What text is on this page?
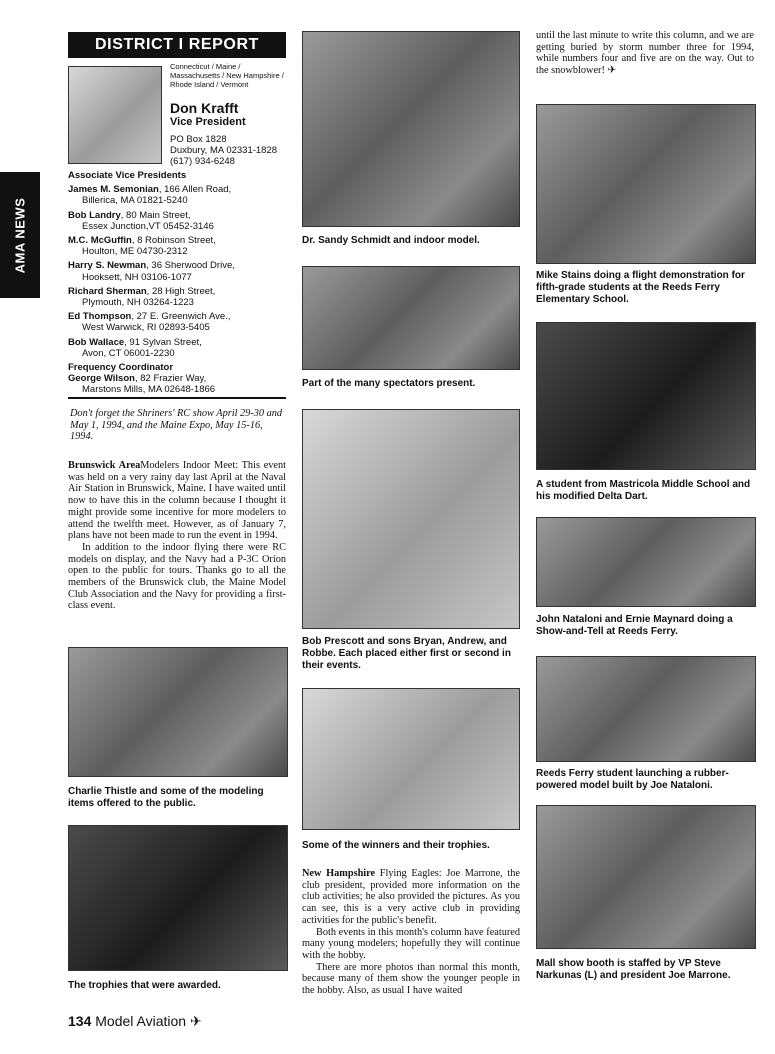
AMA NEWS
DISTRICT I REPORT
Connecticut / Maine / Massachusetts / New Hampshire / Rhode Island / Vermont
Don Krafft
Vice President
PO Box 1828
Duxbury, MA 02331-1828
(617) 934-6248
Associate Vice Presidents
James M. Semonian, 166 Allen Road,
Billerica, MA 01821-5240
Bob Landry, 80 Main Street,
Essex Junction,VT 05452-3146
M.C. McGuffin, 8 Robinson Street,
Houlton, ME 04730-2312
Harry S. Newman, 36 Sherwood Drive,
Hooksett, NH 03106-1077
Richard Sherman, 28 High Street,
Plymouth, NH 03264-1223
Ed Thompson, 27 E. Greenwich Ave.,
West Warwick, RI 02893-5405
Bob Wallace, 91 Sylvan Street,
Avon, CT 06001-2230
Frequency Coordinator
George Wilson, 82 Frazier Way,
Marstons Mills, MA 02648-1866
Don't forget the Shriners' RC show April 29-30 and May 1, 1994, and the Maine Expo, May 15-16, 1994.

Brunswick AreaModelers Indoor Meet: This event was held on a very rainy day last April at the Naval Air Station in Brunswick, Maine. I have waited until now to have this in the column because I thought it might provide some incentive for more modelers to attend the twelfth meet. However, as of January 7, plans have not been made to run the event in 1994.

In addition to the indoor flying there were RC models on display, and the Navy had a P-3C Orion open to the public for tours. Thanks go to all the members of the Brunswick club, the Maine Model Club Association and the Navy for providing a first-class event.

Charlie Thistle and some of the modeling items offered to the public.
The trophies that were awarded.
Dr. Sandy Schmidt and indoor model.
Part of the many spectators present.
Bob Prescott and sons Bryan, Andrew, and Robbe. Each placed either first or second in their events.
Some of the winners and their trophies.

New Hampshire Flying Eagles: Joe Marrone, the club president, provided more information on the club activities; he also provided the pictures. As you can see, this is a very active club in providing activities for the public's benefit.

Both events in this month's column have featured many young modelers; hopefully they will continue with the hobby.

There are more photos than normal this month, because many of them show the younger people in the hobby. Also, as usual I have waited

until the last minute to write this column, and we are getting buried by storm number three for 1994, while numbers four and five are on the way. Out to the snowblower! ✈

Mike Stains doing a flight demonstration for fifth-grade students at the Reeds Ferry Elementary School.
A student from Mastricola Middle School and his modified Delta Dart.
John Nataloni and Ernie Maynard doing a Show-and-Tell at Reeds Ferry.
Reeds Ferry student launching a rubber-powered model built by Joe Nataloni.
Mall show booth is staffed by VP Steve Narkunas (L) and president Joe Marrone.
134 Model Aviation ✈
